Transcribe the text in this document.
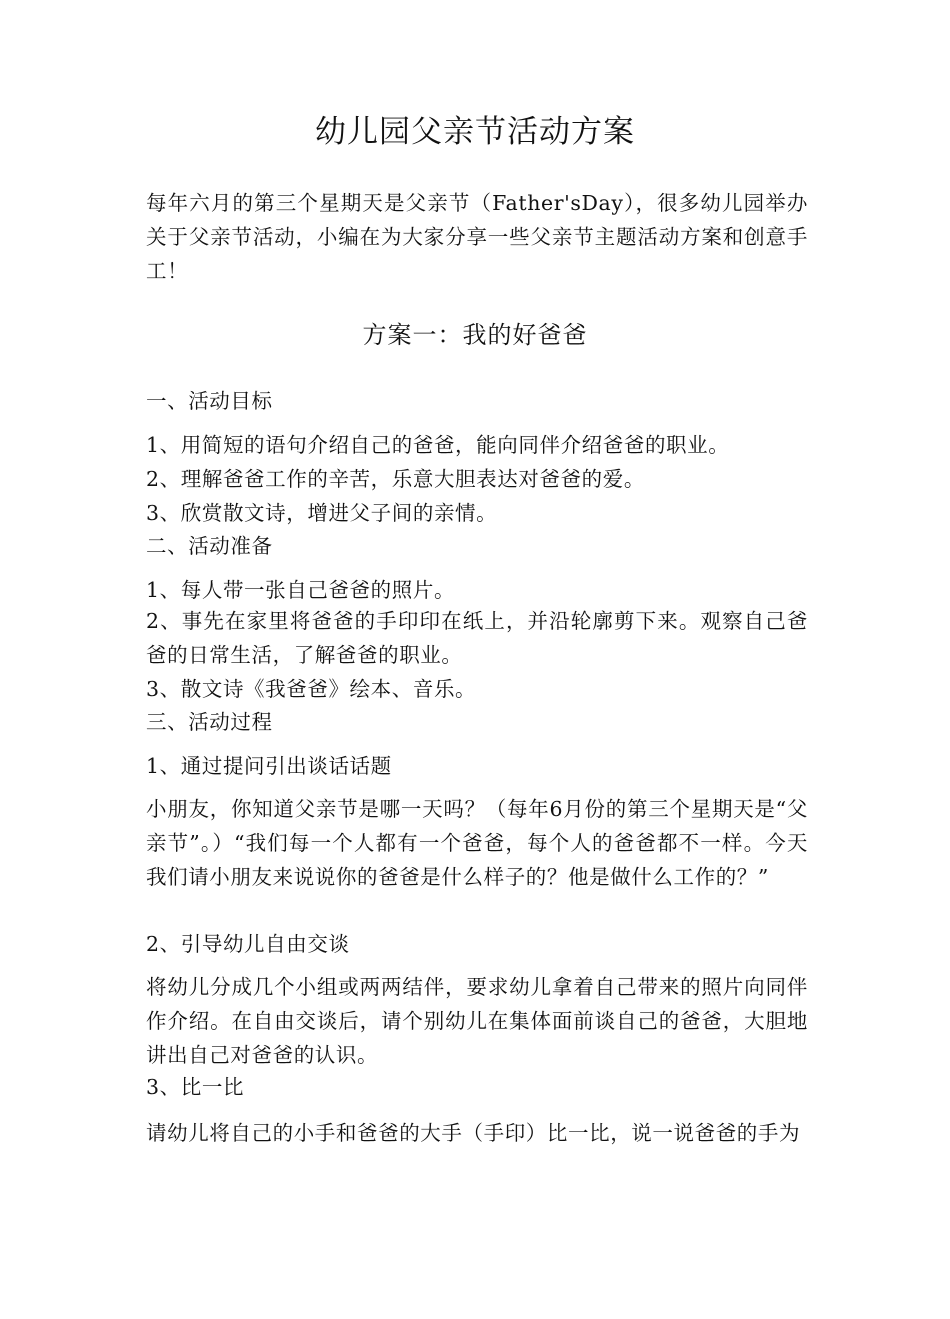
幼儿园父亲节活动方案

每年六月的第三个星期天是父亲节（Father'sDay），很多幼儿园举办关于父亲节活动，小编在为大家分享一些父亲节主题活动方案和创意手工！

方案一：我的好爸爸
一、活动目标
1、用简短的语句介绍自己的爸爸，能向同伴介绍爸爸的职业。
2、理解爸爸工作的辛苦，乐意大胆表达对爸爸的爱。
3、欣赏散文诗，增进父子间的亲情。
二、活动准备
1、每人带一张自己爸爸的照片。

2、事先在家里将爸爸的手印印在纸上，并沿轮廓剪下来。观察自己爸爸的日常生活，了解爸爸的职业。

3、散文诗《我爸爸》绘本、音乐。
三、活动过程
1、通过提问引出谈话话题

小朋友，你知道父亲节是哪一天吗？（每年6月份的第三个星期天是“父亲节”。）“我们每一个人都有一个爸爸，每个人的爸爸都不一样。今天我们请小朋友来说说你的爸爸是什么样子的？他是做什么工作的？”

2、引导幼儿自由交谈

将幼儿分成几个小组或两两结伴，要求幼儿拿着自己带来的照片向同伴作介绍。在自由交谈后，请个别幼儿在集体面前谈自己的爸爸，大胆地讲出自己对爸爸的认识。

3、比一比

请幼儿将自己的小手和爸爸的大手（手印）比一比，说一说爸爸的手为
